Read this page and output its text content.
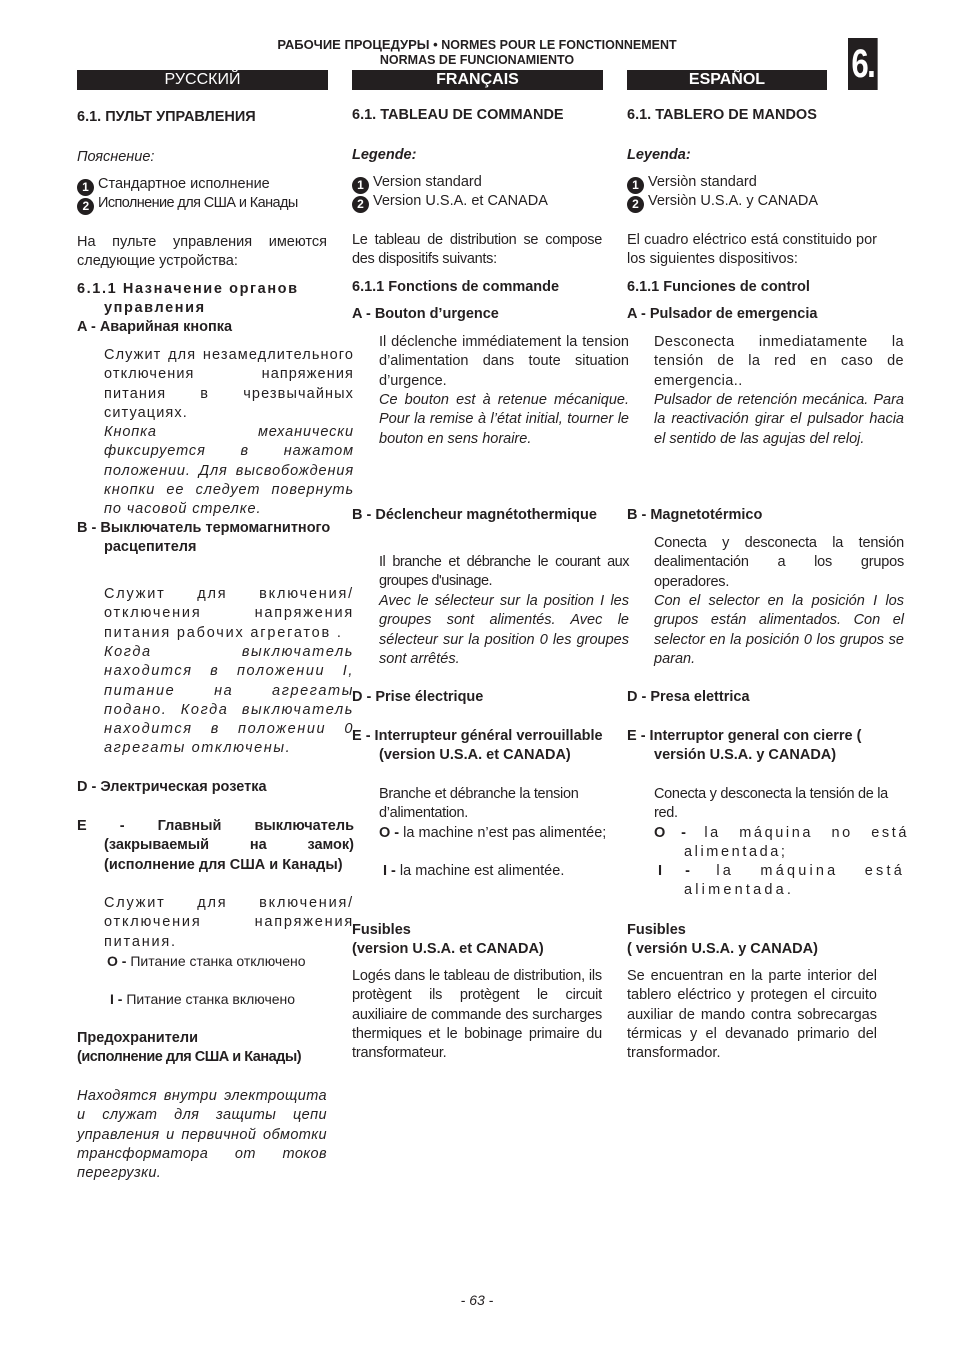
РАБОЧИЕ ПРОЦЕДУРЫ • NORMES POUR LE FONCTIONNEMENT
NORMAS DE FUNCIONAMIENTO	6.
РУССКИЙ	FRANÇAIS	ESPAÑOL
6.1. ПУЛЬТ УПРАВЛЕНИЯ
Пояснение:
1 Стандартное исполнение
2 Исполнение для США и Канады
На пульте управления имеются следующие устройства:
6.1.1 Назначение органов управления
A - Аварийная кнопка
Служит для незамедлительного отключения напряжения питания в чрезвычайных ситуациях.
Кнопка механически фиксируется в нажатом положении. Для высвобождения кнопки ее следует повернуть по часовой стрелке.
B - Выключатель термомагнитного расцепителя
Служит для включения/отключения напряжения питания рабочих агрегатов .
Когда выключатель находится в положении I, питание на агрегаты подано. Когда выключатель находится в положении 0 агрегаты отключены.
D - Электрическая розетка
E - Главный выключатель (закрываемый на замок) (исполнение для США и Канады)
Служит для включения/отключения напряжения питания.
O - Питание станка отключено
I - Питание станка включено
Предохранители
(исполнение для США и Канады)
Находятся внутри электрощита и служат для защиты цепи управления и первичной обмотки трансформатора от токов перегрузки.
6.1. TABLEAU DE COMMANDE
Legende:
1 Version standard
2 Version U.S.A. et CANADA
Le tableau de distribution se compose des dispositifs suivants:
6.1.1 Fonctions de commande
A - Bouton d’urgence
Il déclenche immédiatement la tension d’alimentation dans toute situation d’urgence.
Ce bouton est à retenue mécanique. Pour la remise à l’état initial, tourner le bouton en sens horaire.
B - Déclencheur magnétothermique
Il branche et débranche le courant aux groupes d'usinage.
Avec le sélecteur sur la position I les groupes sont alimentés. Avec le sélecteur sur la position 0 les groupes sont arrêtés.
D - Prise électrique
E - Interrupteur général verrouillable (version U.S.A. et CANADA)
Branche et débranche la tension d’alimentation.
O - la machine n’est pas alimentée;
I - la machine est alimentée.
Fusibles
(version U.S.A. et CANADA)
Logés dans le tableau de distribution, ils protègent ils protègent le circuit auxiliaire de commande des surcharges thermiques et le bobinage primaire du transformateur.
6.1. TABLERO DE MANDOS
Leyenda:
1 Versiòn standard
2 Versiòn U.S.A. y CANADA
El cuadro eléctrico está constituido por los siguientes dispositivos:
6.1.1 Funciones de control
A - Pulsador de emergencia
Desconecta inmediatamente la tensión de la red en caso de emergencia..
Pulsador de retención mecánica. Para la reactivación girar el pulsador hacia el sentido de las agujas del reloj.
B - Magnetotérmico
Conecta y desconecta la tensión dealimentación a los grupos operadores.
Con el selector en la posición I los grupos están alimentados. Con el selector en la posición 0 los grupos se paran.
D - Presa elettrica
E - Interruptor general con cierre ( versión U.S.A. y CANADA)
Conecta y desconecta la tensión de la red.
O - la máquina no está alimentada;
I - la máquina está alimentada.
Fusibles
( versión U.S.A. y CANADA)
Se encuentran en la parte interior del tablero eléctrico y protegen el circuito auxiliar de mando contra sobrecargas térmicas y el devanado primario del transformador.
- 63 -
